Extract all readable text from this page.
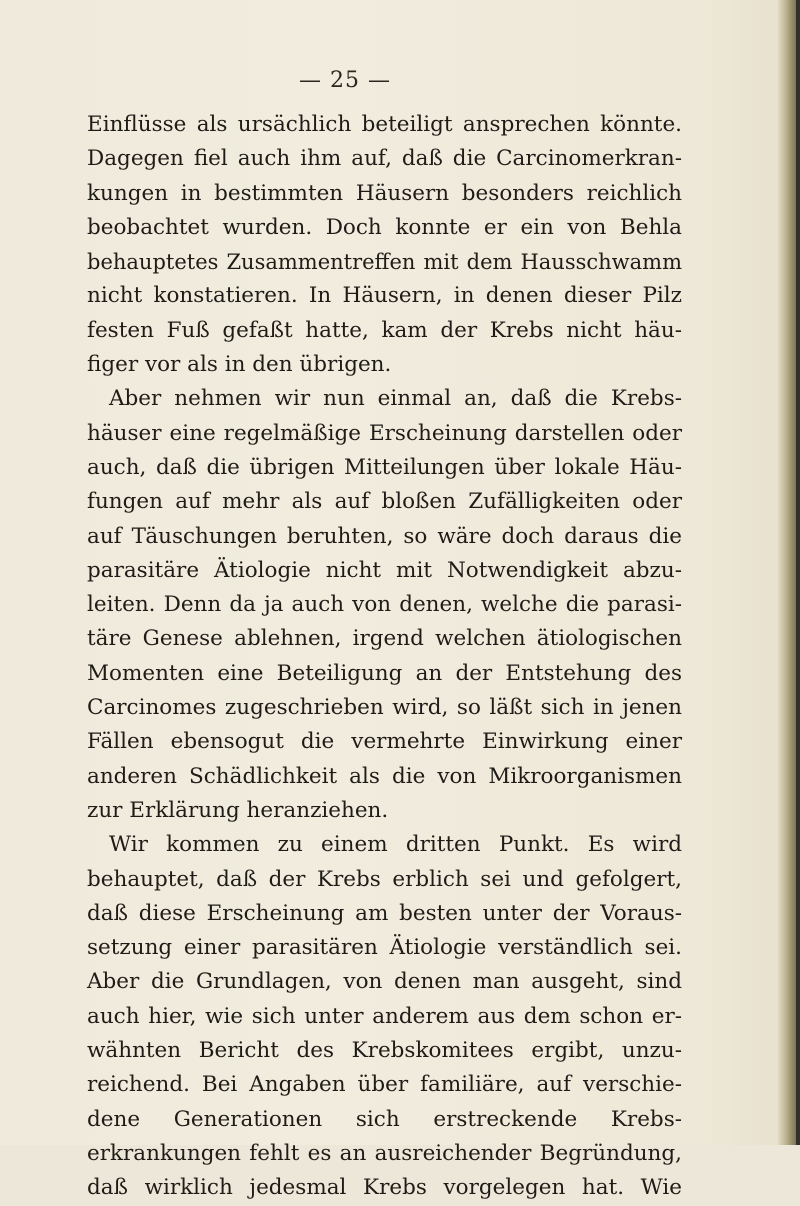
— 25 —
Einflüsse als ursächlich beteiligt ansprechen könnte.
Dagegen fiel auch ihm auf, daß die Carcinomerkran-
kungen in bestimmten Häusern besonders reichlich
beobachtet wurden. Doch konnte er ein von Behla
behauptetes Zusammentreffen mit dem Hausschwamm
nicht konstatieren. In Häusern, in denen dieser Pilz
festen Fuß gefaßt hatte, kam der Krebs nicht häu-
figer vor als in den übrigen.
Aber nehmen wir nun einmal an, daß die Krebs-
häuser eine regelmäßige Erscheinung darstellen oder
auch, daß die übrigen Mitteilungen über lokale Häu-
fungen auf mehr als auf bloßen Zufälligkeiten oder
auf Täuschungen beruhten, so wäre doch daraus die
parasitäre Ätiologie nicht mit Notwendigkeit abzu-
leiten. Denn da ja auch von denen, welche die parasi-
täre Genese ablehnen, irgend welchen ätiologischen
Momenten eine Beteiligung an der Entstehung des
Carcinomes zugeschrieben wird, so läßt sich in jenen
Fällen ebensogut die vermehrte Einwirkung einer
anderen Schädlichkeit als die von Mikroorganismen
zur Erklärung heranziehen.
Wir kommen zu einem dritten Punkt. Es wird
behauptet, daß der Krebs erblich sei und gefolgert,
daß diese Erscheinung am besten unter der Voraus-
setzung einer parasitären Ätiologie verständlich sei.
Aber die Grundlagen, von denen man ausgeht, sind
auch hier, wie sich unter anderem aus dem schon er-
wähnten Bericht des Krebskomitees ergibt, unzu-
reichend. Bei Angaben über familiäre, auf verschie-
dene Generationen sich erstreckende Krebs-
erkrankungen fehlt es an ausreichender Begründung,
daß wirklich jedesmal Krebs vorgelegen hat. Wie
